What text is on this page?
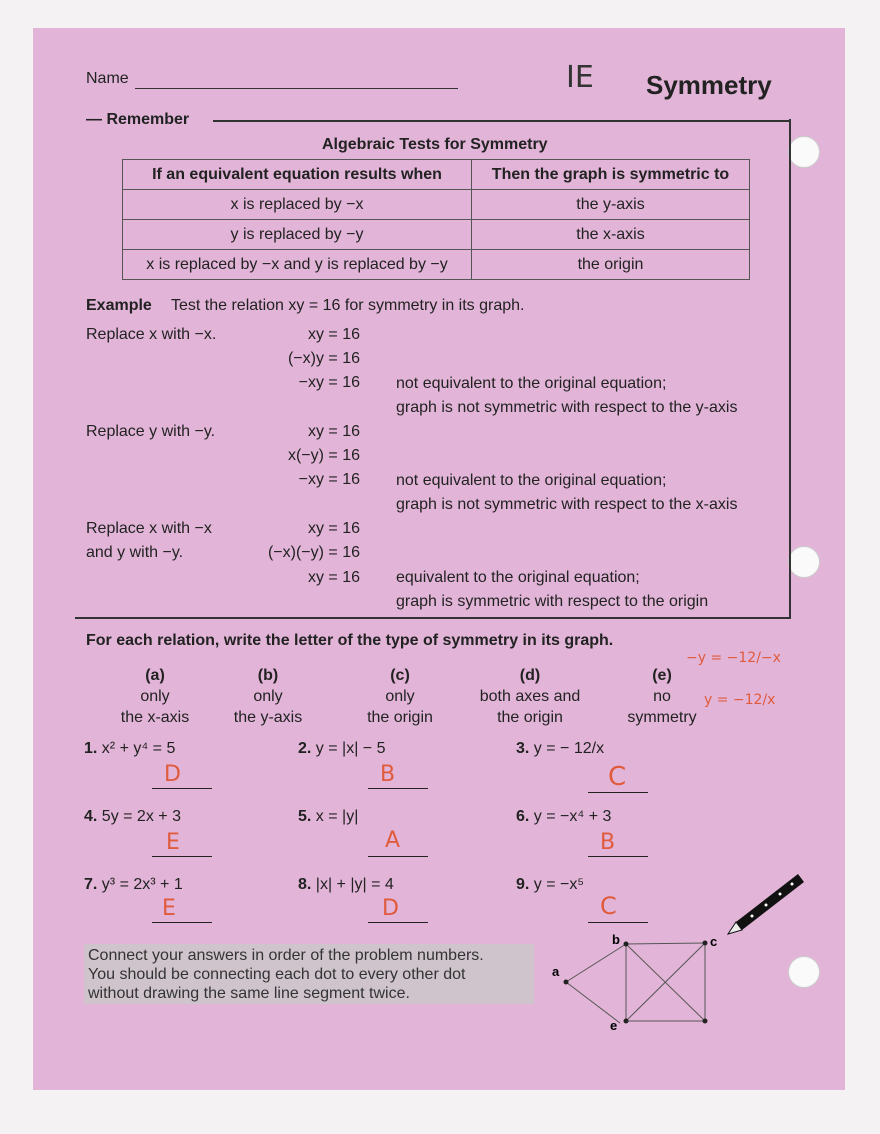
Name	IE Symmetry
— Remember
Algebraic Tests for Symmetry
If an equivalent equation results when	Then the graph is symmetric to
x is replaced by −x	the y-axis
y is replaced by −y	the x-axis
x is replaced by −x and y is replaced by −y	the origin
Example Test the relation xy = 16 for symmetry in its graph.
Replace x with −x.	xy = 16
(−x)y = 16
−xy = 16 not equivalent to the original equation;
graph is not symmetric with respect to the y-axis
Replace y with −y.	xy = 16
x(−y) = 16
−xy = 16 not equivalent to the original equation;
graph is not symmetric with respect to the x-axis
Replace x with −x
and y with −y.
xy = 16
(−x)(−y) = 16
xy = 16 equivalent to the original equation;
graph is symmetric with respect to the origin
For each relation, write the letter of the type of symmetry in its graph.
(a)
only
the x-axis
(b)
only
the y-axis
(c)
only
the origin
(d)
both axes and
the origin
(e)
no
symmetry
−y = −12/−x
y = −12/x
1. x² + y⁴ = 5
D
2. y = |x| − 5
B
3. y = − 12/x
C
4. 5y = 2x + 3
E
5. x = |y|
A
6. y = −x⁴ + 3
B
7. y³ = 2x³ + 1
E
8. |x| + |y| = 4
D
9. y = −x⁵
C
Connect your answers in order of the problem numbers.
You should be connecting each dot to every other dot
without drawing the same line segment twice.
a
b	c
e
